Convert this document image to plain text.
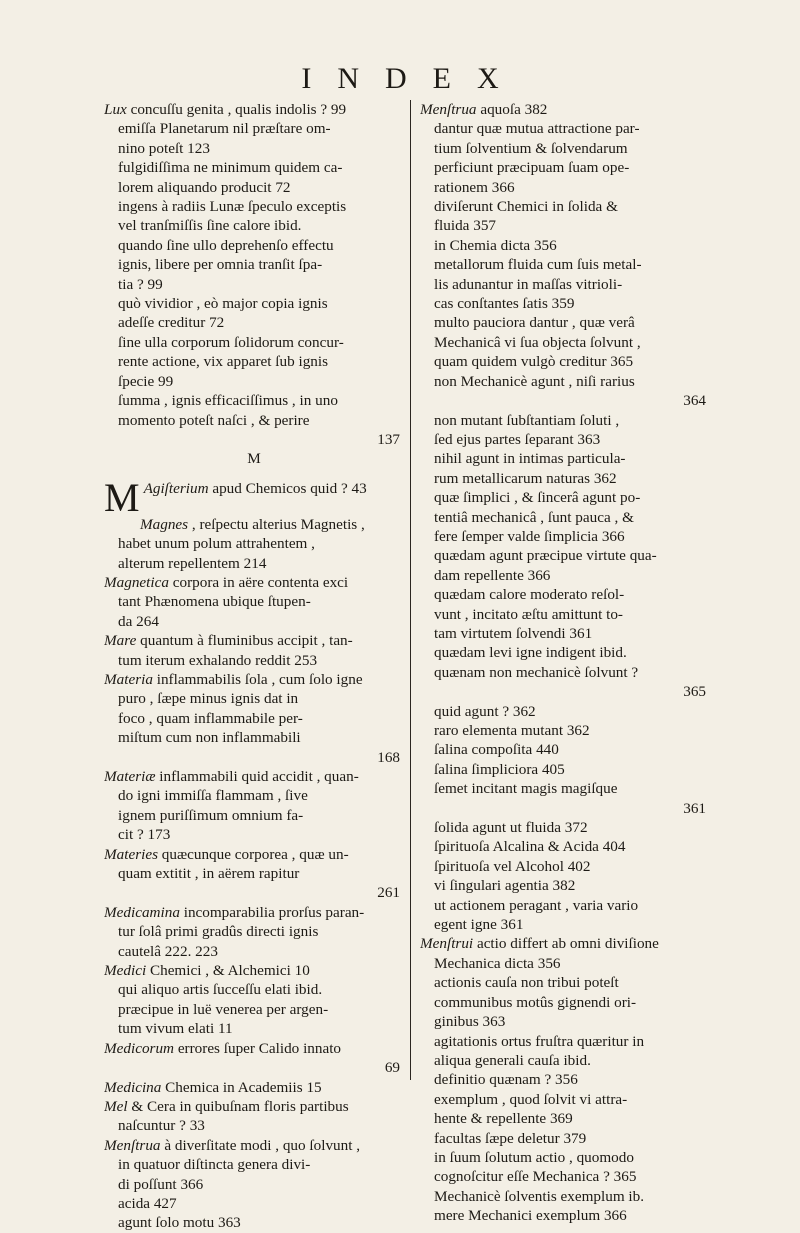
INDEX
Lux concuſſu genita , qualis indolis ? 99
emiſſa Planetarum nil præſtare om-
nino poteſt 123
fulgidiſſima ne minimum quidem ca-
lorem aliquando producit 72
ingens à radiis Lunæ ſpeculo exceptis
vel tranſmiſſis ſine calore ibid.
quando ſine ullo deprehenſo effectu
ignis, libere per omnia tranſit ſpa-
tia ? 99
quò vividior , eò major copia ignis
adeſſe creditur 72
ſine ulla corporum ſolidorum concur-
rente actione, vix apparet ſub ignis
ſpecie 99
ſumma , ignis efficaciſſimus , in uno
momento poteſt naſci , & perire
137
M
M Agiſterium apud Chemicos quid ? 43
Magnes , reſpectu alterius Magnetis ,
habet unum polum attrahentem ,
alterum repellentem 214
Magnetica corpora in aëre contenta exci
tant Phænomena ubique ſtupen-
da 264
Mare quantum à fluminibus accipit , tan-
tum iterum exhalando reddit 253
Materia inflammabilis ſola , cum ſolo igne
puro , ſæpe minus ignis dat in
foco , quam inflammabile per-
miſtum cum non inflammabili
168
Materiæ inflammabili quid accidit , quan-
do igni immiſſa flammam , ſive
ignem puriſſimum omnium fa-
cit ? 173
Materies quæcunque corporea , quæ un-
quam extitit , in aërem rapitur
261
Medicamina incomparabilia prorſus paran-
tur ſolâ primi gradûs directi ignis
cautelâ 222. 223
Medici Chemici , & Alchemici 10
qui aliquo artis ſucceſſu elati ibid.
præcipue in luë venerea per argen-
tum vivum elati 11
Medicorum errores ſuper Calido innato
69
Medicina Chemica in Academiis 15
Mel & Cera in quibuſnam floris partibus
naſcuntur ? 33
Menſtrua à diverſitate modi , quo ſolvunt ,
in quatuor diſtincta genera divi-
di poſſunt 366
acida 427
agunt ſolo motu 363
Menſtrua aquoſa 382
dantur quæ mutua attractione par-
tium ſolventium & ſolvendarum
perficiunt præcipuam ſuam ope-
rationem 366
diviſerunt Chemici in ſolida &
fluida 357
in Chemia dicta 356
metallorum fluida cum ſuis metal-
lis adunantur in maſſas vitrioli-
cas conſtantes ſatis 359
multo pauciora dantur , quæ verâ
Mechanicâ vi ſua objecta ſolvunt ,
quam quidem vulgò creditur 365
non Mechanicè agunt , niſi rarius
364
non mutant ſubſtantiam ſoluti ,
ſed ejus partes ſeparant 363
nihil agunt in intimas particula-
rum metallicarum naturas 362
quæ ſimplici , & ſincerâ agunt po-
tentiâ mechanicâ , ſunt pauca , &
fere ſemper valde ſimplicia 366
quædam agunt præcipue virtute qua-
dam repellente 366
quædam calore moderato reſol-
vunt , incitato æſtu amittunt to-
tam virtutem ſolvendi 361
quædam levi igne indigent ibid.
quænam non mechanicè ſolvunt ?
365
quid agunt ? 362
raro elementa mutant 362
ſalina compoſita 440
ſalina ſimpliciora 405
ſemet incitant magis magiſque
361
ſolida agunt ut fluida 372
ſpirituoſa Alcalina & Acida 404
ſpirituoſa vel Alcohol 402
vi ſingulari agentia 382
ut actionem peragant , varia vario
egent igne 361
Menſtrui actio differt ab omni diviſione
Mechanica dicta 356
actionis cauſa non tribui poteſt
communibus motûs gignendi ori-
ginibus 363
agitationis ortus fruſtra quæritur in
aliqua generali cauſa ibid.
definitio quænam ? 356
exemplum , quod ſolvit vi attra-
hente & repellente 369
facultas ſæpe deletur 379
in ſuum ſolutum actio , quomodo
cognoſcitur eſſe Mechanica ? 365
Mechanicè ſolventis exemplum ib.
mere Mechanici exemplum 366
